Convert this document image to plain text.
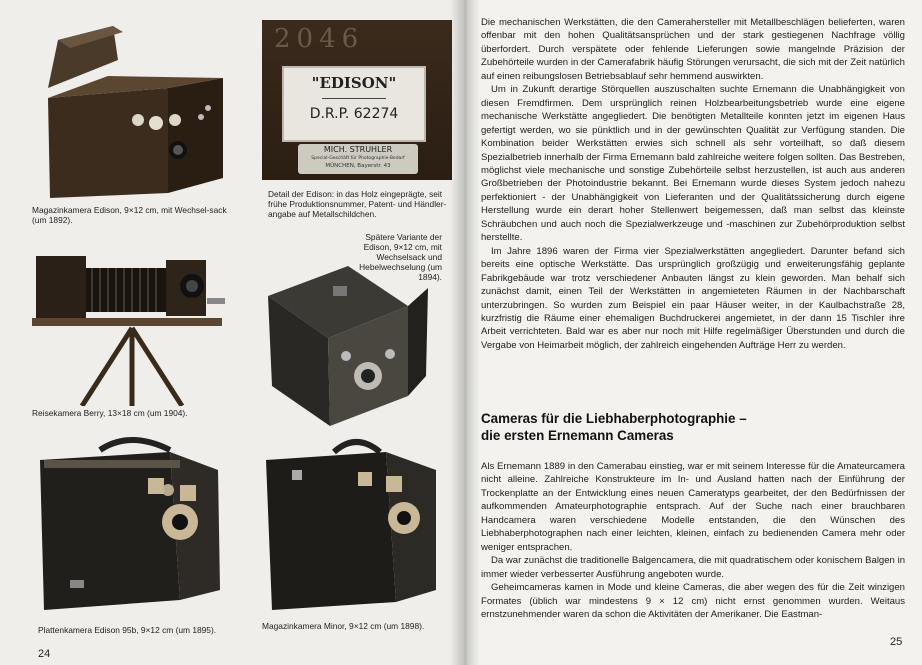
Magazinkamera Edison, 9×12 cm, mit Wechsel-sack (um 1892).
2046
"EDISON"
D.R.P. 62274
MICH. STRUHLER
Special-Geschäft für Photographie-Bedarf
MÜNCHEN, Bayerstr. 43
Detail der Edison: in das Holz eingeprägte, seit frühe Produktionsnummer, Patent- und Händler-angabe auf Metallschildchen.
Reisekamera Berry, 13×18 cm (um 1904).
Spätere Variante der Edison, 9×12 cm, mit Wechselsack und Hebelwechselung (um 1894).
Plattenkamera Edison 95b, 9×12 cm (um 1895).	Magazinkamera Minor, 9×12 cm (um 1898).
24

Die mechanischen Werkstätten, die den Camerahersteller mit Metallbeschlägen belieferten, waren offenbar mit den hohen Qualitätsansprüchen und der stark gestiegenen Nachfrage völlig überfordert. Durch verspätete oder fehlende Lieferungen sowie mangelnde Präzision der Zubehörteile wurden in der Camerafabrik häufig Störungen verursacht, die sich mit der Zeit natürlich auf einen reibungslosen Betriebsablauf sehr hemmend auswirkten.

Um in Zukunft derartige Störquellen auszuschalten suchte Ernemann die Unabhängigkeit von diesen Fremdfirmen. Dem ursprünglich reinen Holzbearbeitungsbetrieb wurde eine eigene mechanische Werkstätte angegliedert. Die benötigten Metallteile konnten jetzt im eigenen Haus gefertigt werden, wo sie pünktlich und in der gewünschten Qualität zur Verfügung standen. Die Kombination beider Werkstätten erwies sich schnell als sehr vorteilhaft, so daß diesem Spezialbetrieb innerhalb der Firma Ernemann bald zahlreiche weitere folgen sollten. Das Bestreben, möglichst viele mechanische und sonstige Zubehörteile selbst herzustellen, ist auch aus anderen Großbetrieben der Photoindustrie bekannt. Bei Ernemann wurde dieses System jedoch nahezu perfektioniert - der Unabhängigkeit von Lieferanten und der Qualitätssicherung durch eigene Herstellung wurde ein derart hoher Stellenwert beigemessen, daß man selbst das kleinste Schräubchen und auch noch die Spezialwerkzeuge und -maschinen zur Zubehörproduktion selbst herstellte.

Im Jahre 1896 waren der Firma vier Spezialwerkstätten angegliedert. Darunter befand sich bereits eine optische Werkstätte. Das ursprünglich großzügig und erweiterungsfähig geplante Fabrikgebäude war trotz verschiedener Anbauten längst zu klein geworden. Man behalf sich zunächst damit, einen Teil der Werkstätten in angemieteten Räumen in der Nachbarschaft unterzubringen. So wurden zum Beispiel ein paar Häuser weiter, in der Kaulbachstraße 28, kurzfristig die Räume einer ehemaligen Buchdruckerei angemietet, in der dann 15 Tischler ihre Arbeit verrichteten. Bald war es aber nur noch mit Hilfe regelmäßiger Überstunden und durch die Vergabe von Heimarbeit möglich, der zahlreich eingehenden Aufträge Herr zu werden.

Cameras für die Liebhaberphotographie –
die ersten Ernemann Cameras

Als Ernemann 1889 in den Camerabau einstieg, war er mit seinem Interesse für die Amateurcamera nicht alleine. Zahlreiche Konstrukteure im In- und Ausland hatten nach der Einführung der Trockenplatte an der Entwicklung eines neuen Cameratyps gearbeitet, der den Bedürfnissen der aufkommenden Amateurphotographie entsprach. Auf der Suche nach einer brauchbaren Handcamera waren verschiedene Modelle entstanden, die den Wünschen des Liebhaberphotographen nach einer leichten, kleinen, einfach zu bedienenden Camera mehr oder weniger entsprachen.

Da war zunächst die traditionelle Balgencamera, die mit quadratischem oder konischem Balgen in immer wieder verbesserter Ausführung angeboten wurde.

Geheimcameras kamen in Mode und kleine Cameras, die aber wegen des für die Zeit winzigen Formates (üblich war mindestens 9 × 12 cm) nicht ernst genommen wurden. Weitaus ernstzunehmender waren da schon die Aktivitäten der Amerikaner. Die Eastman-

25
